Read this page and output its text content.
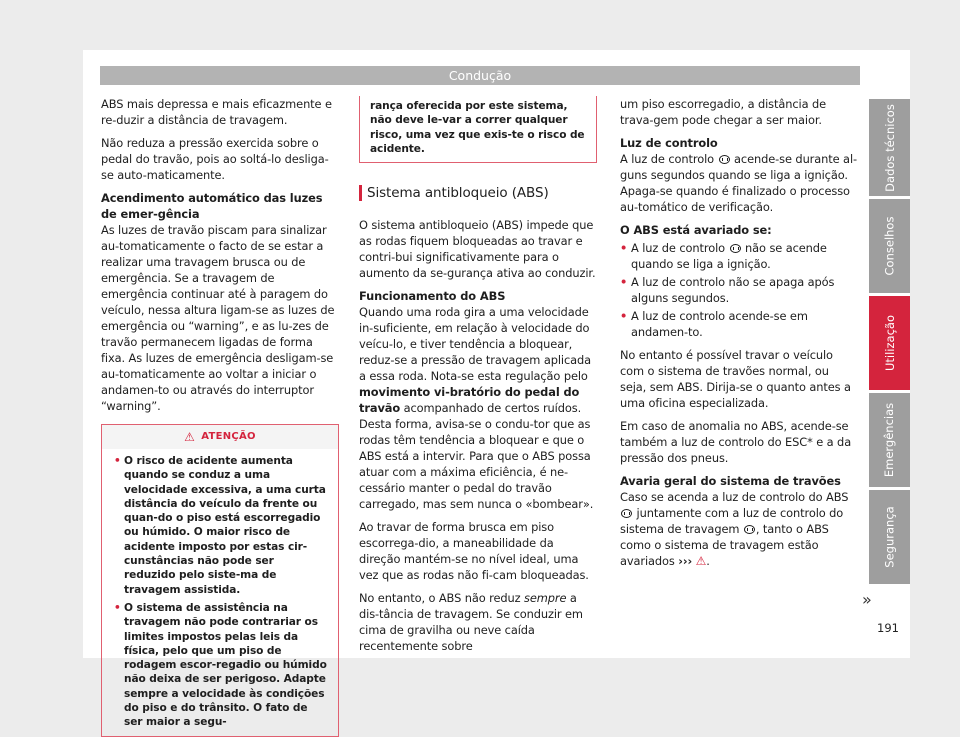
Condução

ABS mais depressa e mais eficazmente e re-duzir a distância de travagem.

Não reduza a pressão exercida sobre o pedal do travão, pois ao soltá-lo desliga-se auto-maticamente.

Acendimento automático das luzes de emer-gência

As luzes de travão piscam para sinalizar au-tomaticamente o facto de se estar a realizar uma travagem brusca ou de emergência. Se a travagem de emergência continuar até à paragem do veículo, nessa altura ligam-se as luzes de emergência ou “warning”, e as lu-zes de travão permanecem ligadas de forma fixa. As luzes de emergência desligam-se au-tomaticamente ao voltar a iniciar o andamen-to ou através do interruptor “warning”.

⚠ ATENÇÃO
• O risco de acidente aumenta quando se conduz a uma velocidade excessiva, a uma curta distância do veículo da frente ou quan-do o piso está escorregadio ou húmido. O maior risco de acidente imposto por estas cir-cunstâncias não pode ser reduzido pelo siste-ma de travagem assistida.
• O sistema de assistência na travagem não pode contrariar os limites impostos pelas leis da física, pelo que um piso de rodagem escor-regadio ou húmido não deixa de ser perigoso. Adapte sempre a velocidade às condições do piso e do trânsito. O fato de ser maior a segu-
rança oferecida por este sistema, não deve le-var a correr qualquer risco, uma vez que exis-te o risco de acidente.
Sistema antibloqueio (ABS)

O sistema antibloqueio (ABS) impede que as rodas fiquem bloqueadas ao travar e contri-bui significativamente para o aumento da se-gurança ativa ao conduzir.

Funcionamento do ABS

Quando uma roda gira a uma velocidade in-suficiente, em relação à velocidade do veícu-lo, e tiver tendência a bloquear, reduz-se a pressão de travagem aplicada a essa roda. Nota-se esta regulação pelo movimento vi-bratório do pedal do travão acompanhado de certos ruídos. Desta forma, avisa-se o condu-tor que as rodas têm tendência a bloquear e que o ABS está a intervir. Para que o ABS possa atuar com a máxima eficiência, é ne-cessário manter o pedal do travão carregado, mas sem nunca o «bombear».

Ao travar de forma brusca em piso escorrega-dio, a maneabilidade da direção mantém-se no nível ideal, uma vez que as rodas não fi-cam bloqueadas.

No entanto, o ABS não reduz sempre a dis-tância de travagem. Se conduzir em cima de gravilha ou neve caída recentemente sobre

um piso escorregadio, a distância de trava-gem pode chegar a ser maior.

Luz de controlo

A luz de controlo  acende-se durante al-guns segundos quando se liga a ignição. Apaga-se quando é finalizado o processo au-tomático de verificação.

O ABS está avariado se:

• A luz de controlo  não se acende quando se liga a ignição.

• A luz de controlo não se apaga após alguns segundos.

• A luz de controlo acende-se em andamen-to.

No entanto é possível travar o veículo com o sistema de travões normal, ou seja, sem ABS. Dirija-se o quanto antes a uma oficina especializada.

Em caso de anomalia no ABS, acende-se também a luz de controlo do ESC* e a da pressão dos pneus.

Avaria geral do sistema de travões

Caso se acenda a luz de controlo do ABS  juntamente com a luz de controlo do sistema de travagem , tanto o ABS como o sistema de travagem estão avariados ››› ⚠.

Dados técnicos
Conselhos
Utilização
Emergências
Segurança
»
191
